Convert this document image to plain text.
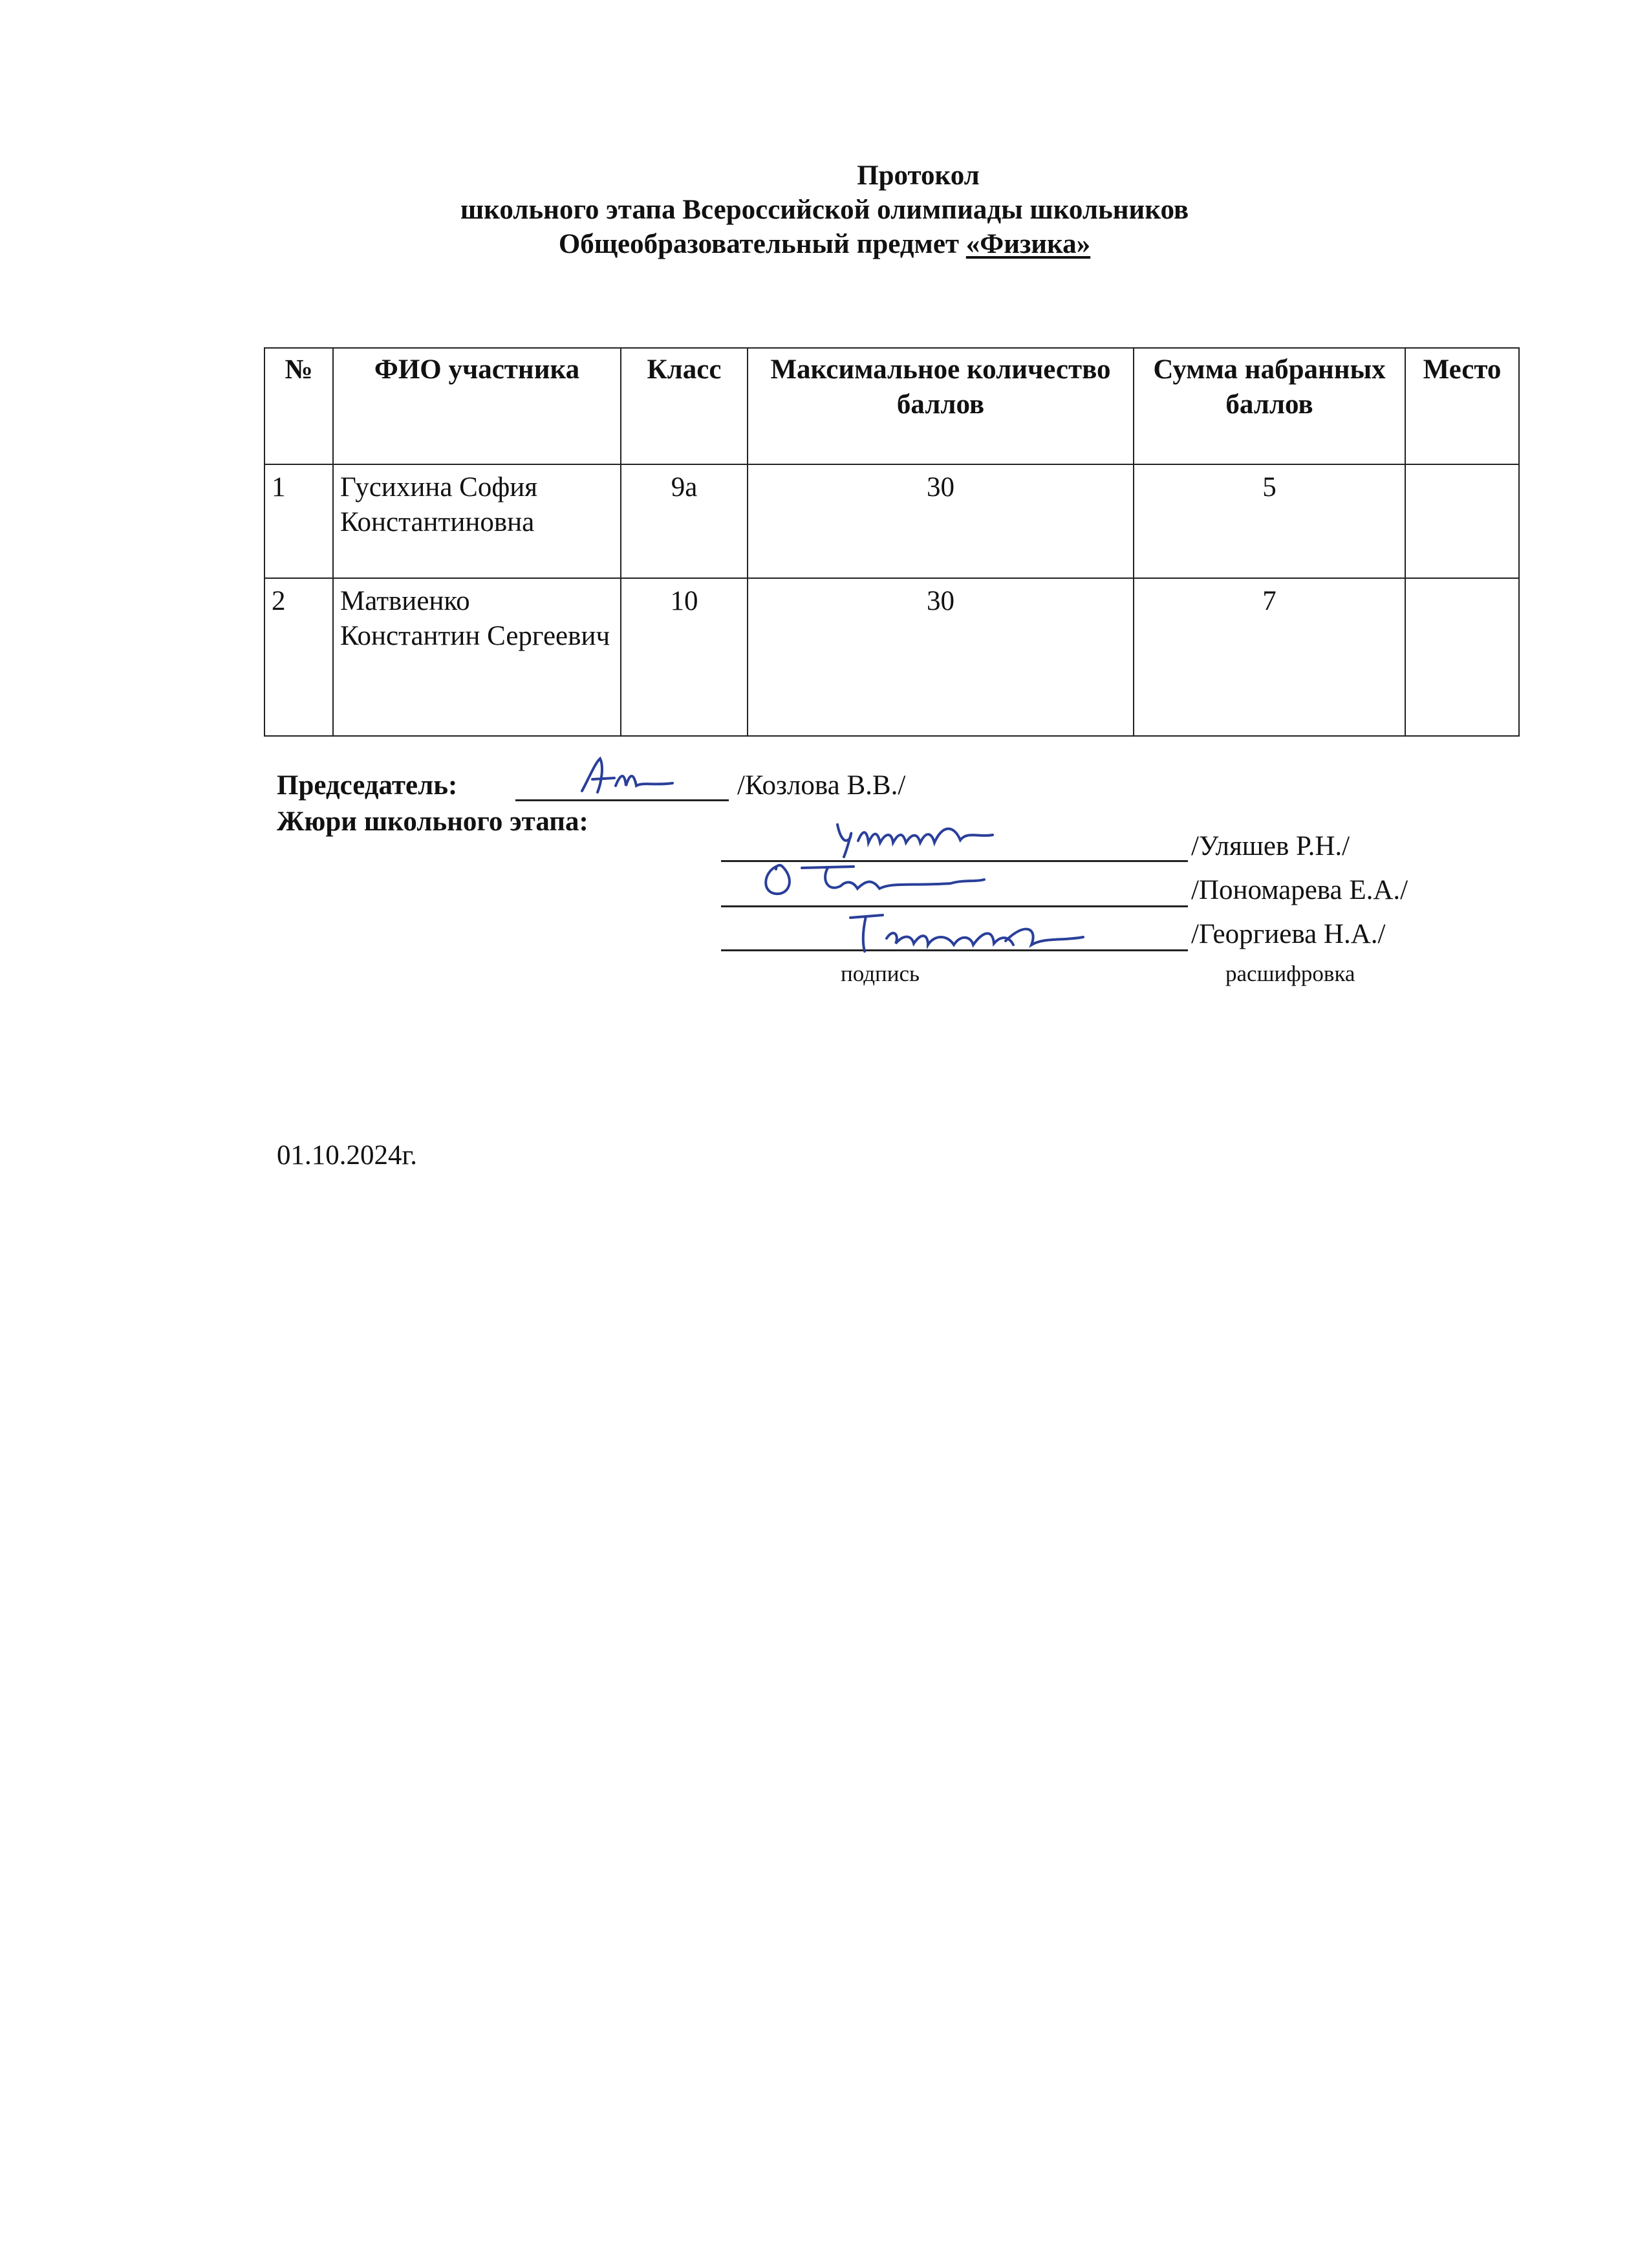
Протокол
школьного этапа Всероссийской олимпиады школьников
Общеобразовательный предмет «Физика»
№	ФИО участника	Класс	Максимальное количество баллов	Сумма набранных баллов	Место
1	Гусихина София Константиновна	9а	30	5	
2	Матвиенко Константин Сергеевич	10	30	7	
Председатель:	/Козлова В.В./
Жюри школьного этапа:
/Уляшев Р.Н./
/Пономарева Е.А./
/Георгиева Н.А./
подпись	расшифровка
01.10.2024г.
